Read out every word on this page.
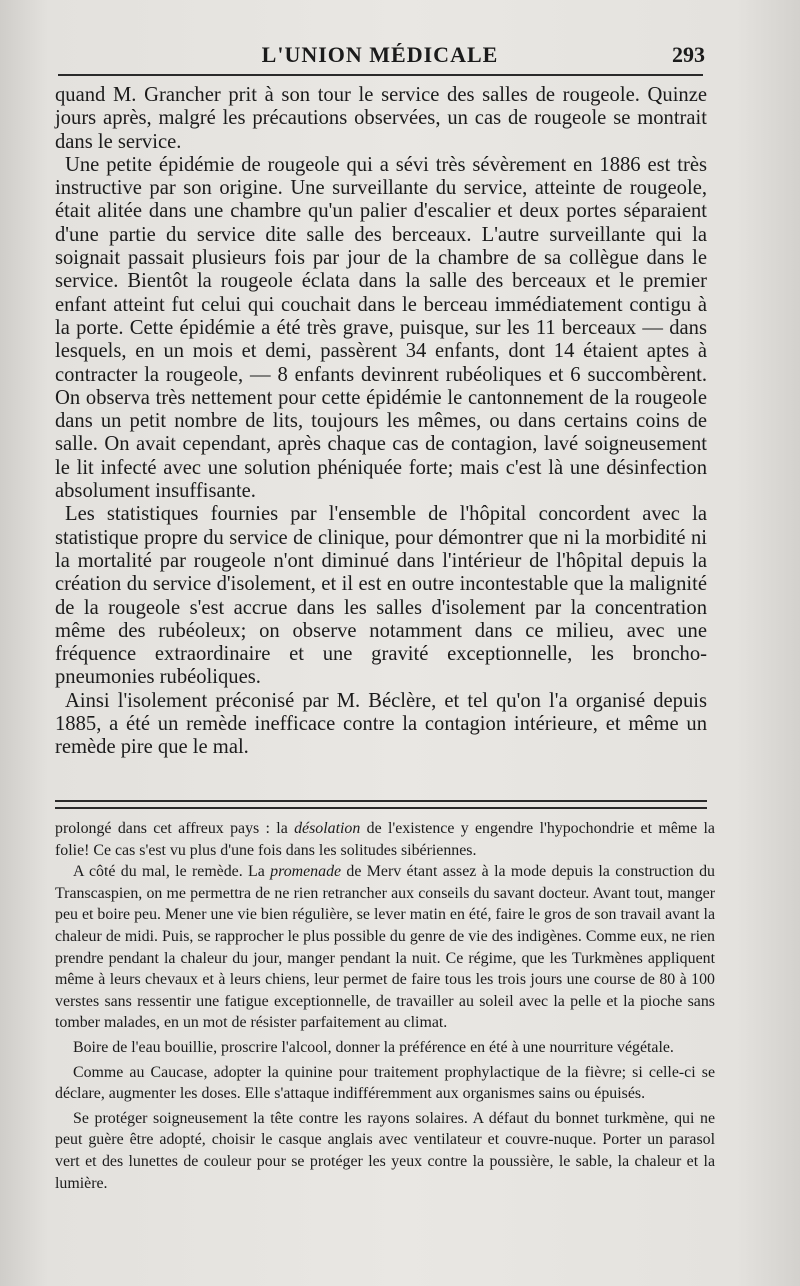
L'UNION MÉDICALE	293

quand M. Grancher prit à son tour le service des salles de rougeole. Quinze jours après, malgré les précautions observées, un cas de rougeole se montrait dans le service.

Une petite épidémie de rougeole qui a sévi très sévèrement en 1886 est très instructive par son origine. Une surveillante du service, atteinte de rougeole, était alitée dans une chambre qu'un palier d'escalier et deux portes séparaient d'une partie du service dite salle des berceaux. L'autre surveillante qui la soignait passait plusieurs fois par jour de la chambre de sa collègue dans le service. Bientôt la rougeole éclata dans la salle des berceaux et le premier enfant atteint fut celui qui couchait dans le berceau immédiatement contigu à la porte. Cette épidémie a été très grave, puisque, sur les 11 berceaux — dans lesquels, en un mois et demi, passèrent 34 enfants, dont 14 étaient aptes à contracter la rougeole, — 8 enfants devinrent rubéoliques et 6 succombèrent. On observa très nettement pour cette épidémie le cantonnement de la rougeole dans un petit nombre de lits, toujours les mêmes, ou dans certains coins de salle. On avait cependant, après chaque cas de contagion, lavé soigneusement le lit infecté avec une solution phéniquée forte; mais c'est là une désinfection absolument insuffisante.

Les statistiques fournies par l'ensemble de l'hôpital concordent avec la statistique propre du service de clinique, pour démontrer que ni la morbidité ni la mortalité par rougeole n'ont diminué dans l'intérieur de l'hôpital depuis la création du service d'isolement, et il est en outre incontestable que la malignité de la rougeole s'est accrue dans les salles d'isolement par la concentration même des rubéoleux; on observe notamment dans ce milieu, avec une fréquence extraordinaire et une gravité exceptionnelle, les broncho-pneumonies rubéoliques.

Ainsi l'isolement préconisé par M. Béclère, et tel qu'on l'a organisé depuis 1885, a été un remède inefficace contre la contagion intérieure, et même un remède pire que le mal.

prolongé dans cet affreux pays : la désolation de l'existence y engendre l'hypochondrie et même la folie! Ce cas s'est vu plus d'une fois dans les solitudes sibériennes.

A côté du mal, le remède. La promenade de Merv étant assez à la mode depuis la construction du Transcaspien, on me permettra de ne rien retrancher aux conseils du savant docteur. Avant tout, manger peu et boire peu. Mener une vie bien régulière, se lever matin en été, faire le gros de son travail avant la chaleur de midi. Puis, se rapprocher le plus possible du genre de vie des indigènes. Comme eux, ne rien prendre pendant la chaleur du jour, manger pendant la nuit. Ce régime, que les Turkmènes appliquent même à leurs chevaux et à leurs chiens, leur permet de faire tous les trois jours une course de 80 à 100 verstes sans ressentir une fatigue exceptionnelle, de travailler au soleil avec la pelle et la pioche sans tomber malades, en un mot de résister parfaitement au climat.

Boire de l'eau bouillie, proscrire l'alcool, donner la préférence en été à une nourriture végétale.

Comme au Caucase, adopter la quinine pour traitement prophylactique de la fièvre; si celle-ci se déclare, augmenter les doses. Elle s'attaque indifféremment aux organismes sains ou épuisés.

Se protéger soigneusement la tête contre les rayons solaires. A défaut du bonnet turkmène, qui ne peut guère être adopté, choisir le casque anglais avec ventilateur et couvre-nuque. Porter un parasol vert et des lunettes de couleur pour se protéger les yeux contre la poussière, le sable, la chaleur et la lumière.
